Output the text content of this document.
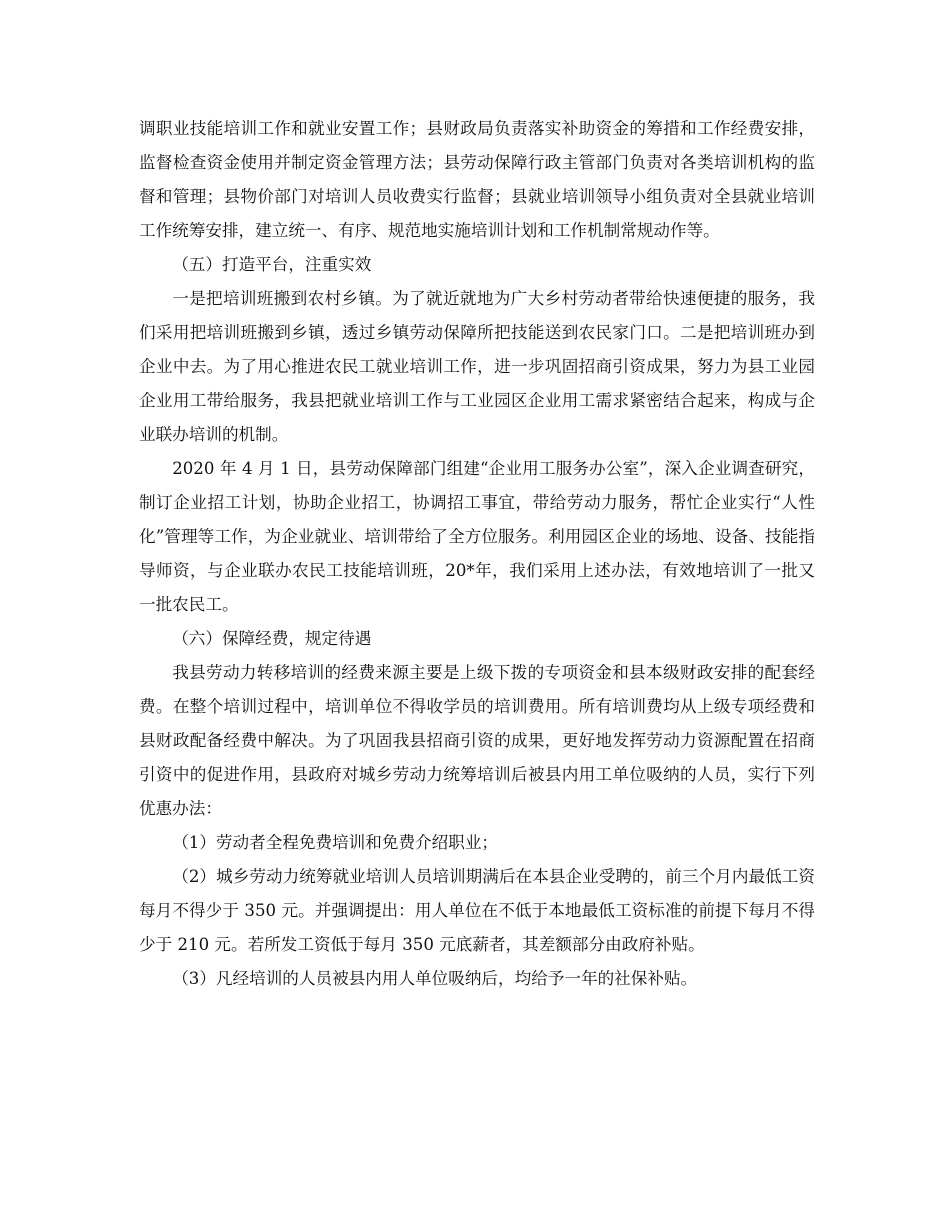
调职业技能培训工作和就业安置工作；县财政局负责落实补助资金的筹措和工作经费安排，监督检查资金使用并制定资金管理方法；县劳动保障行政主管部门负责对各类培训机构的监督和管理；县物价部门对培训人员收费实行监督；县就业培训领导小组负责对全县就业培训工作统筹安排，建立统一、有序、规范地实施培训计划和工作机制常规动作等。

（五）打造平台，注重实效

一是把培训班搬到农村乡镇。为了就近就地为广大乡村劳动者带给快速便捷的服务，我们采用把培训班搬到乡镇，透过乡镇劳动保障所把技能送到农民家门口。二是把培训班办到企业中去。为了用心推进农民工就业培训工作，进一步巩固招商引资成果，努力为县工业园企业用工带给服务，我县把就业培训工作与工业园区企业用工需求紧密结合起来，构成与企业联办培训的机制。

2020 年 4 月 1 日，县劳动保障部门组建“企业用工服务办公室”，深入企业调查研究，制订企业招工计划，协助企业招工，协调招工事宜，带给劳动力服务，帮忙企业实行“人性化”管理等工作，为企业就业、培训带给了全方位服务。利用园区企业的场地、设备、技能指导师资，与企业联办农民工技能培训班，20*年，我们采用上述办法，有效地培训了一批又一批农民工。

（六）保障经费，规定待遇

我县劳动力转移培训的经费来源主要是上级下拨的专项资金和县本级财政安排的配套经费。在整个培训过程中，培训单位不得收学员的培训费用。所有培训费均从上级专项经费和县财政配备经费中解决。为了巩固我县招商引资的成果，更好地发挥劳动力资源配置在招商引资中的促进作用，县政府对城乡劳动力统筹培训后被县内用工单位吸纳的人员，实行下列优惠办法：

（1）劳动者全程免费培训和免费介绍职业；

（2）城乡劳动力统筹就业培训人员培训期满后在本县企业受聘的，前三个月内最低工资每月不得少于 350 元。并强调提出：用人单位在不低于本地最低工资标准的前提下每月不得少于 210 元。若所发工资低于每月 350 元底薪者，其差额部分由政府补贴。

（3）凡经培训的人员被县内用人单位吸纳后，均给予一年的社保补贴。
